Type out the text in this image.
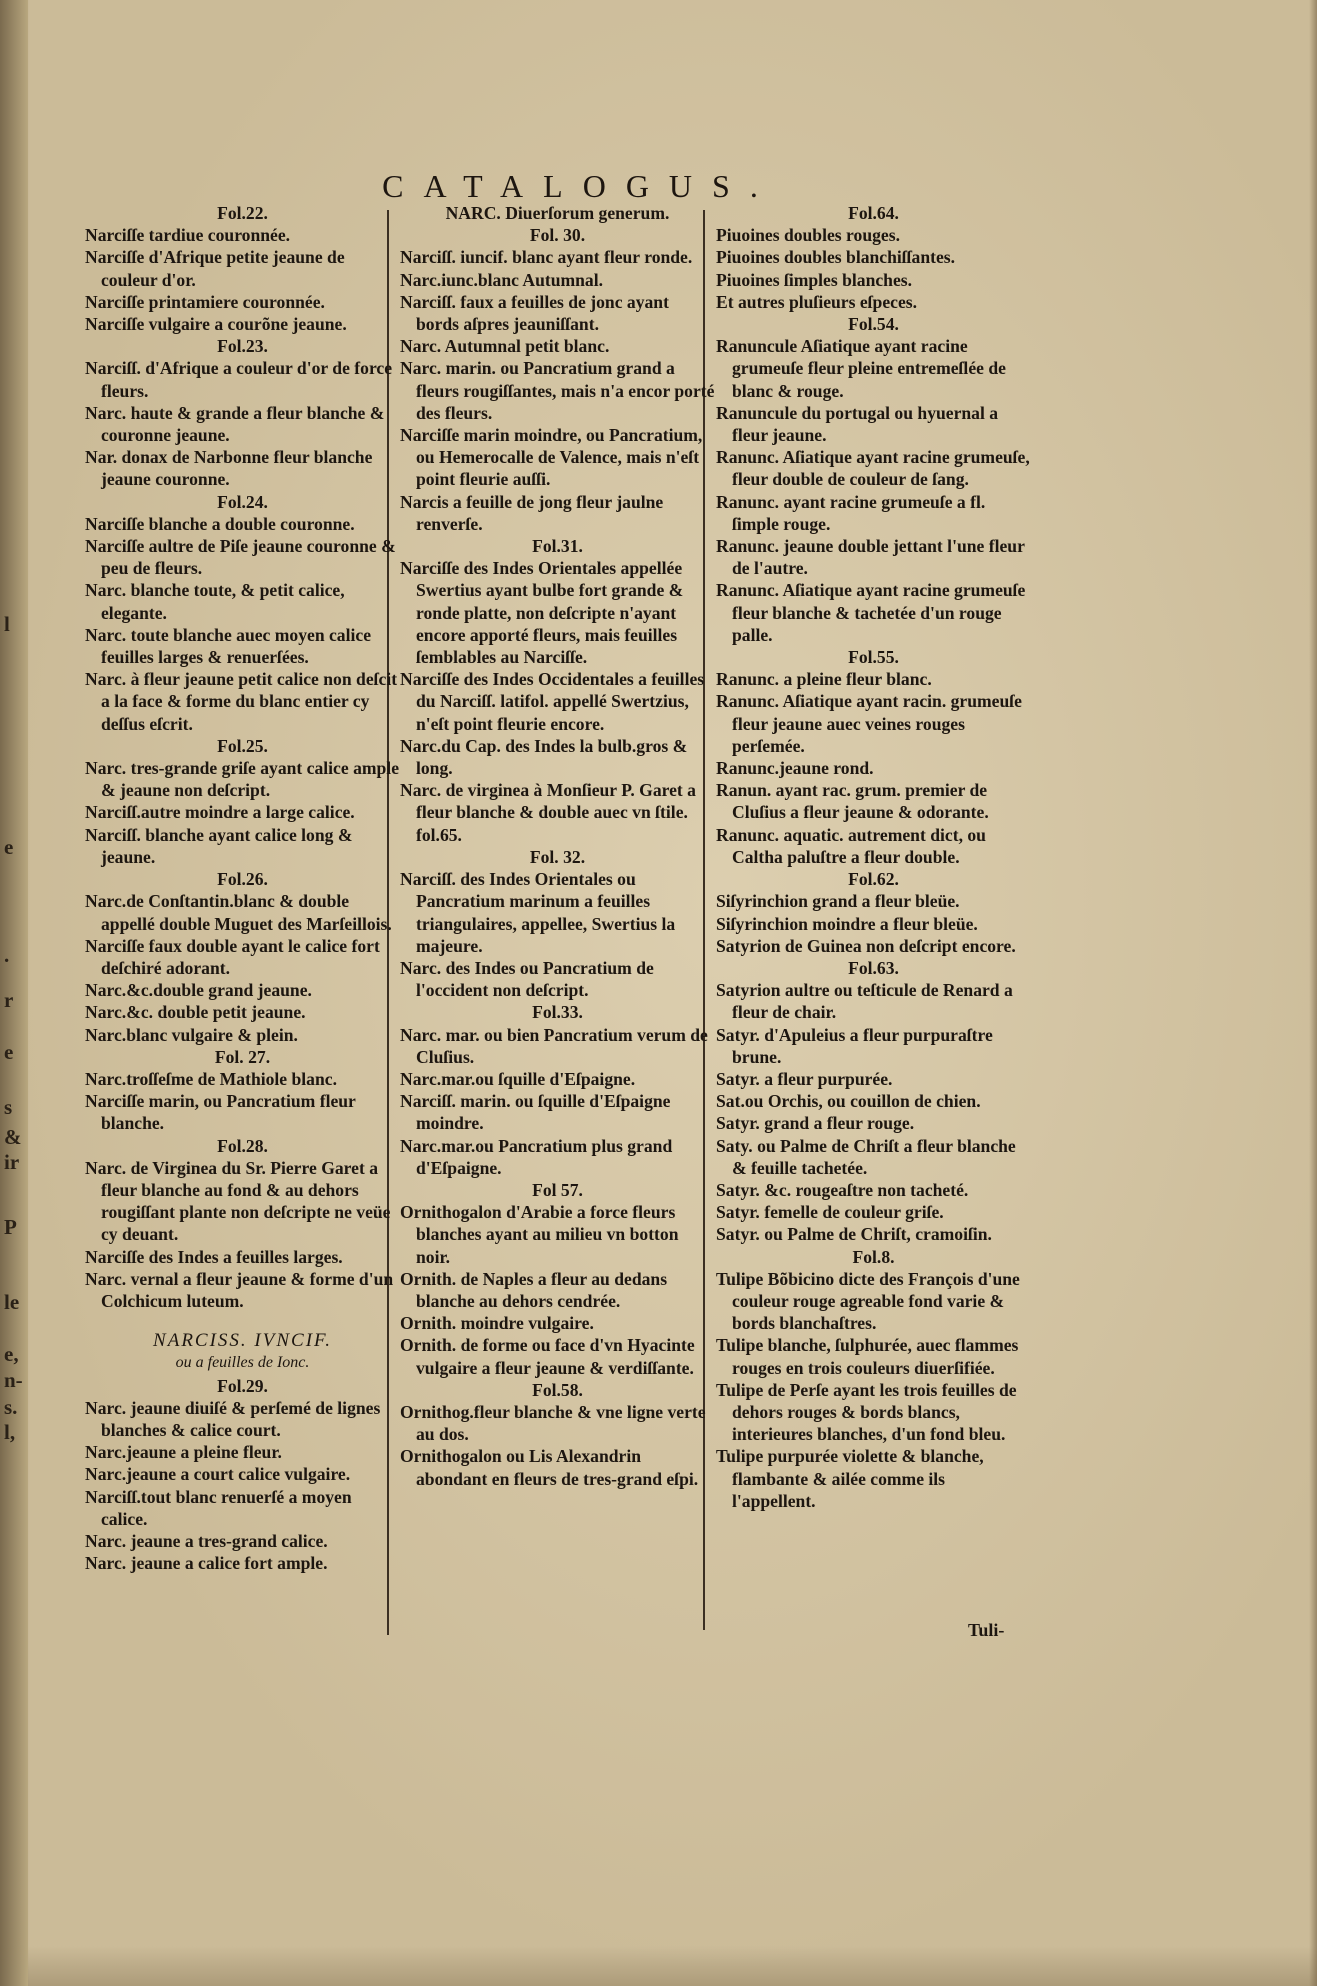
l
e
.
r
e
s
&
ir
P
le
e,
n-
s.
l,
CATALOGUS.
Fol.22.
Narciſſe tardiue couronnée.
Narciſſe d'Afrique petite jeaune de couleur d'or.
Narciſſe printamiere couronnée.
Narciſſe vulgaire a courõne jeaune.
Fol.23.
Narciſſ. d'Afrique a couleur d'or de force fleurs.
Narc. haute & grande a fleur blanche & couronne jeaune.
Nar. donax de Narbonne fleur blanche jeaune couronne.
Fol.24.
Narciſſe blanche a double couronne.
Narciſſe aultre de Piſe jeaune couronne & peu de fleurs.
Narc. blanche toute, & petit calice, elegante.
Narc. toute blanche auec moyen calice feuilles larges & renuerſées.
Narc. à fleur jeaune petit calice non deſcit a la face & forme du blanc entier cy deſſus eſcrit.
Fol.25.
Narc. tres-grande griſe ayant calice ample & jeaune non deſcript.
Narciſſ.autre moindre a large calice.
Narciſſ. blanche ayant calice long & jeaune.
Fol.26.
Narc.de Conſtantin.blanc & double appellé double Muguet des Marſeillois.
Narciſſe faux double ayant le calice fort deſchiré adorant.
Narc.&c.double grand jeaune.
Narc.&c. double petit jeaune.
Narc.blanc vulgaire & plein.
Fol. 27.
Narc.troſſeſme de Mathiole blanc.
Narciſſe marin, ou Pancratium fleur blanche.
Fol.28.
Narc. de Virginea du Sr. Pierre Garet a fleur blanche au fond & au dehors rougiſſant plante non deſcripte ne veüe cy deuant.
Narciſſe des Indes a feuilles larges.
Narc. vernal a fleur jeaune & forme d'un Colchicum luteum.
NARCISS. IVNCIF.
ou a feuilles de Ionc.
Fol.29.
Narc. jeaune diuiſé & perſemé de lignes blanches & calice court.
Narc.jeaune a pleine fleur.
Narc.jeaune a court calice vulgaire.
Narciſſ.tout blanc renuerſé a moyen calice.
Narc. jeaune a tres-grand calice.
Narc. jeaune a calice fort ample.
NARC. Diuerſorum generum.
Fol. 30.
Narciſſ. iuncif. blanc ayant fleur ronde.
Narc.iunc.blanc Autumnal.
Narciſſ. faux a feuilles de jonc ayant bords aſpres jeauniſſant.
Narc. Autumnal petit blanc.
Narc. marin. ou Pancratium grand a fleurs rougiſſantes, mais n'a encor porté des fleurs.
Narciſſe marin moindre, ou Pancratium, ou Hemerocalle de Valence, mais n'eſt point fleurie auſſi.
Narcis a feuille de jong fleur jaulne renverſe.
Fol.31.
Narciſſe des Indes Orientales appellée Swertius ayant bulbe fort grande & ronde platte, non deſcripte n'ayant encore apporté fleurs, mais feuilles ſemblables au Narciſſe.
Narciſſe des Indes Occidentales a feuilles du Narciſſ. latifol. appellé Swertzius, n'eſt point fleurie encore.
Narc.du Cap. des Indes la bulb.gros & long.
Narc. de virginea à Monſieur P. Garet a fleur blanche & double auec vn ſtile. fol.65.
Fol. 32.
Narciſſ. des Indes Orientales ou Pancratium marinum a feuilles triangulaires, appellee, Swertius la majeure.
Narc. des Indes ou Pancratium de l'occident non deſcript.
Fol.33.
Narc. mar. ou bien Pancratium verum de Cluſius.
Narc.mar.ou ſquille d'Eſpaigne.
Narciſſ. marin. ou ſquille d'Eſpaigne moindre.
Narc.mar.ou Pancratium plus grand d'Eſpaigne.
Fol 57.
Ornithogalon d'Arabie a force fleurs blanches ayant au milieu vn botton noir.
Ornith. de Naples a fleur au dedans blanche au dehors cendrée.
Ornith. moindre vulgaire.
Ornith. de forme ou face d'vn Hyacinte vulgaire a fleur jeaune & verdiſſante.
Fol.58.
Ornithog.fleur blanche & vne ligne verte au dos.
Ornithogalon ou Lis Alexandrin abondant en fleurs de tres-grand eſpi.
Fol.64.
Piuoines doubles rouges.
Piuoines doubles blanchiſſantes.
Piuoines ſimples blanches.
Et autres pluſieurs eſpeces.
Fol.54.
Ranuncule Aſiatique ayant racine grumeuſe fleur pleine entremeſlée de blanc & rouge.
Ranuncule du portugal ou hyuernal a fleur jeaune.
Ranunc. Aſiatique ayant racine grumeuſe, fleur double de couleur de ſang.
Ranunc. ayant racine grumeuſe a fl. ſimple rouge.
Ranunc. jeaune double jettant l'une fleur de l'autre.
Ranunc. Aſiatique ayant racine grumeuſe fleur blanche & tachetée d'un rouge palle.
Fol.55.
Ranunc. a pleine fleur blanc.
Ranunc. Aſiatique ayant racin. grumeuſe fleur jeaune auec veines rouges perſemée.
Ranunc.jeaune rond.
Ranun. ayant rac. grum. premier de Cluſius a fleur jeaune & odorante.
Ranunc. aquatic. autrement dict, ou Caltha paluſtre a fleur double.
Fol.62.
Siſyrinchion grand a fleur bleüe.
Siſyrinchion moindre a fleur bleüe.
Satyrion de Guinea non deſcript encore.
Fol.63.
Satyrion aultre ou teſticule de Renard a fleur de chair.
Satyr. d'Apuleius a fleur purpuraſtre brune.
Satyr. a fleur purpurée.
Sat.ou Orchis, ou couillon de chien.
Satyr. grand a fleur rouge.
Saty. ou Palme de Chriſt a fleur blanche & feuille tachetée.
Satyr. &c. rougeaſtre non tacheté.
Satyr. femelle de couleur griſe.
Satyr. ou Palme de Chriſt, cramoiſin.
Fol.8.
Tulipe Bõbicino dicte des François d'une couleur rouge agreable fond varie & bords blanchaſtres.
Tulipe blanche, ſulphurée, auec flammes rouges en trois couleurs diuerſifiée.
Tulipe de Perſe ayant les trois feuilles de dehors rouges & bords blancs, interieures blanches, d'un fond bleu.
Tulipe purpurée violette & blanche, flambante & ailée comme ils l'appellent.
Tuli-
